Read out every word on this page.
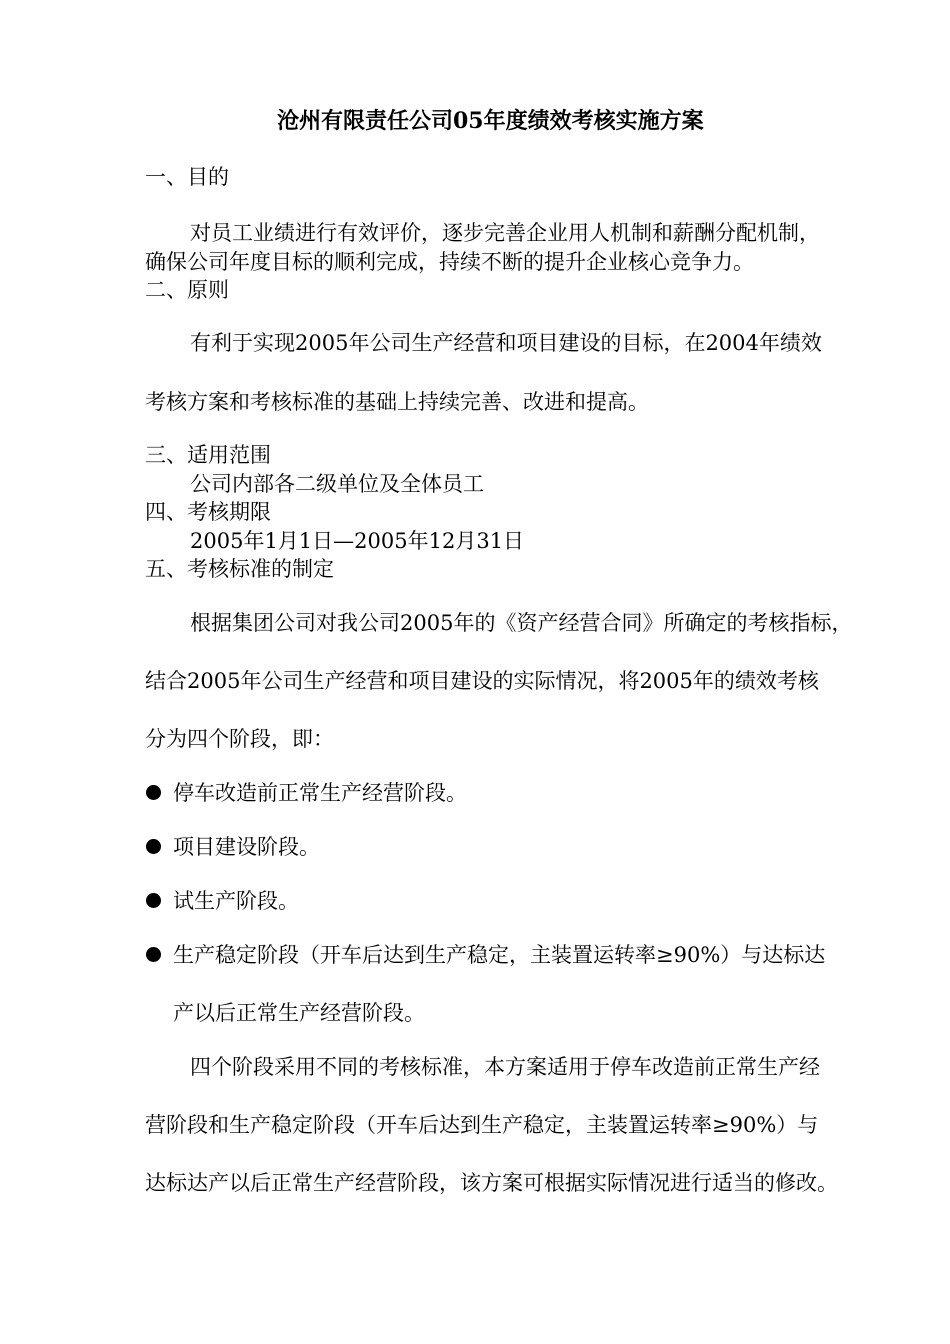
沧州有限责任公司05年度绩效考核实施方案
一、目的
对员工业绩进行有效评价，逐步完善企业用人机制和薪酬分配机制，
确保公司年度目标的顺利完成，持续不断的提升企业核心竞争力。
二、原则
有利于实现2005年公司生产经营和项目建设的目标，在2004年绩效
考核方案和考核标准的基础上持续完善、改进和提高。
三、适用范围
公司内部各二级单位及全体员工
四、考核期限
2005年1月1日—2005年12月31日
五、考核标准的制定
根据集团公司对我公司2005年的《资产经营合同》所确定的考核指标，
结合2005年公司生产经营和项目建设的实际情况，将2005年的绩效考核
分为四个阶段，即：
停车改造前正常生产经营阶段。
项目建设阶段。
试生产阶段。
生产稳定阶段（开车后达到生产稳定，主装置运转率≥90%）与达标达
产以后正常生产经营阶段。
四个阶段采用不同的考核标准，本方案适用于停车改造前正常生产经
营阶段和生产稳定阶段（开车后达到生产稳定，主装置运转率≥90%）与
达标达产以后正常生产经营阶段，该方案可根据实际情况进行适当的修改。
